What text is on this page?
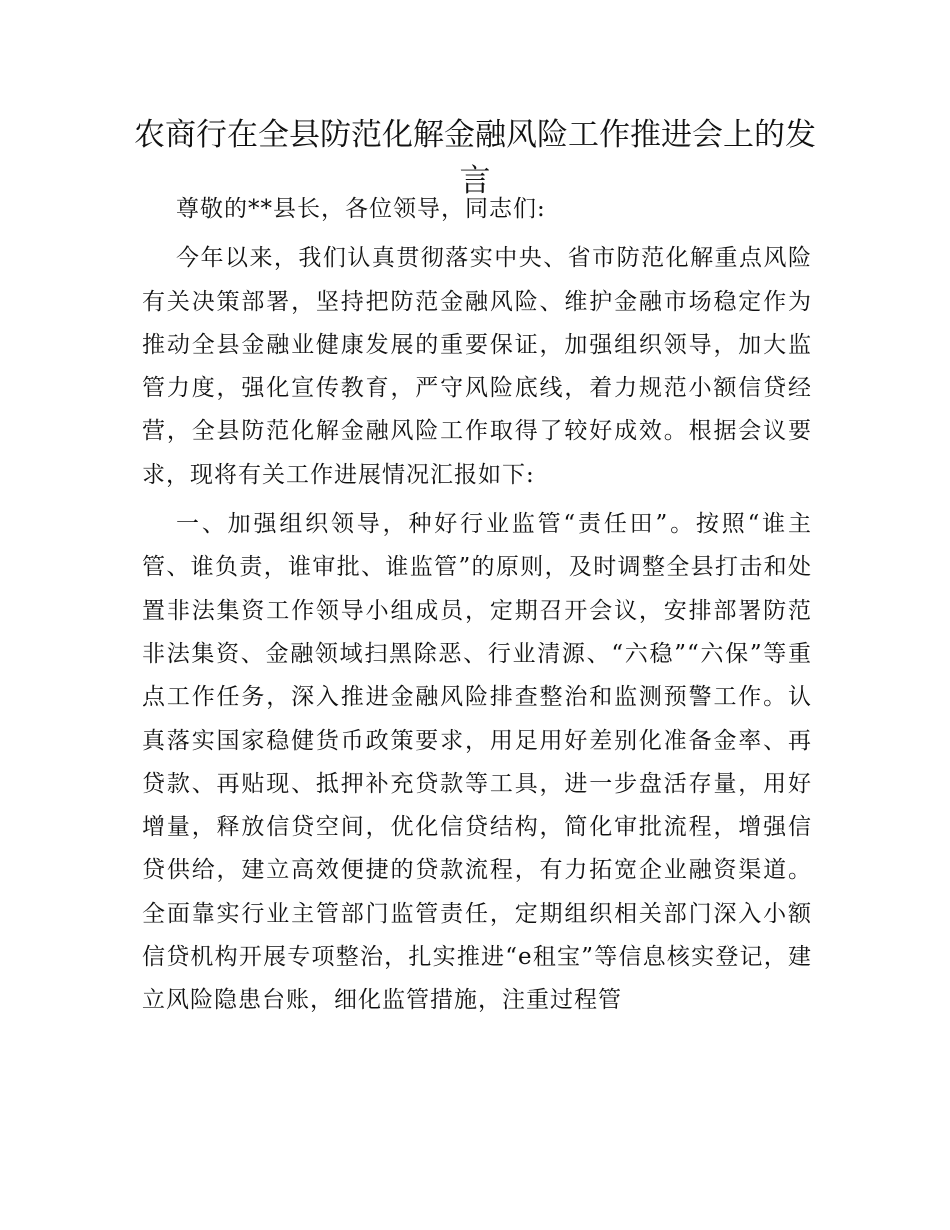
农商行在全县防范化解金融风险工作推进会上的发言

尊敬的**县长，各位领导，同志们:

今年以来，我们认真贯彻落实中央、省市防范化解重点风险有关决策部署，坚持把防范金融风险、维护金融市场稳定作为推动全县金融业健康发展的重要保证，加强组织领导，加大监管力度，强化宣传教育，严守风险底线，着力规范小额信贷经营，全县防范化解金融风险工作取得了较好成效。根据会议要求，现将有关工作进展情况汇报如下:

一、加强组织领导，种好行业监管“责任田”。按照“谁主管、谁负责，谁审批、谁监管”的原则，及时调整全县打击和处置非法集资工作领导小组成员，定期召开会议，安排部署防范非法集资、金融领域扫黑除恶、行业清源、“六稳”“六保”等重点工作任务，深入推进金融风险排查整治和监测预警工作。认真落实国家稳健货币政策要求，用足用好差别化准备金率、再贷款、再贴现、抵押补充贷款等工具，进一步盘活存量，用好增量，释放信贷空间，优化信贷结构，简化审批流程，增强信贷供给，建立高效便捷的贷款流程，有力拓宽企业融资渠道。全面靠实行业主管部门监管责任，定期组织相关部门深入小额信贷机构开展专项整治，扎实推进“e租宝”等信息核实登记，建立风险隐患台账，细化监管措施，注重过程管
